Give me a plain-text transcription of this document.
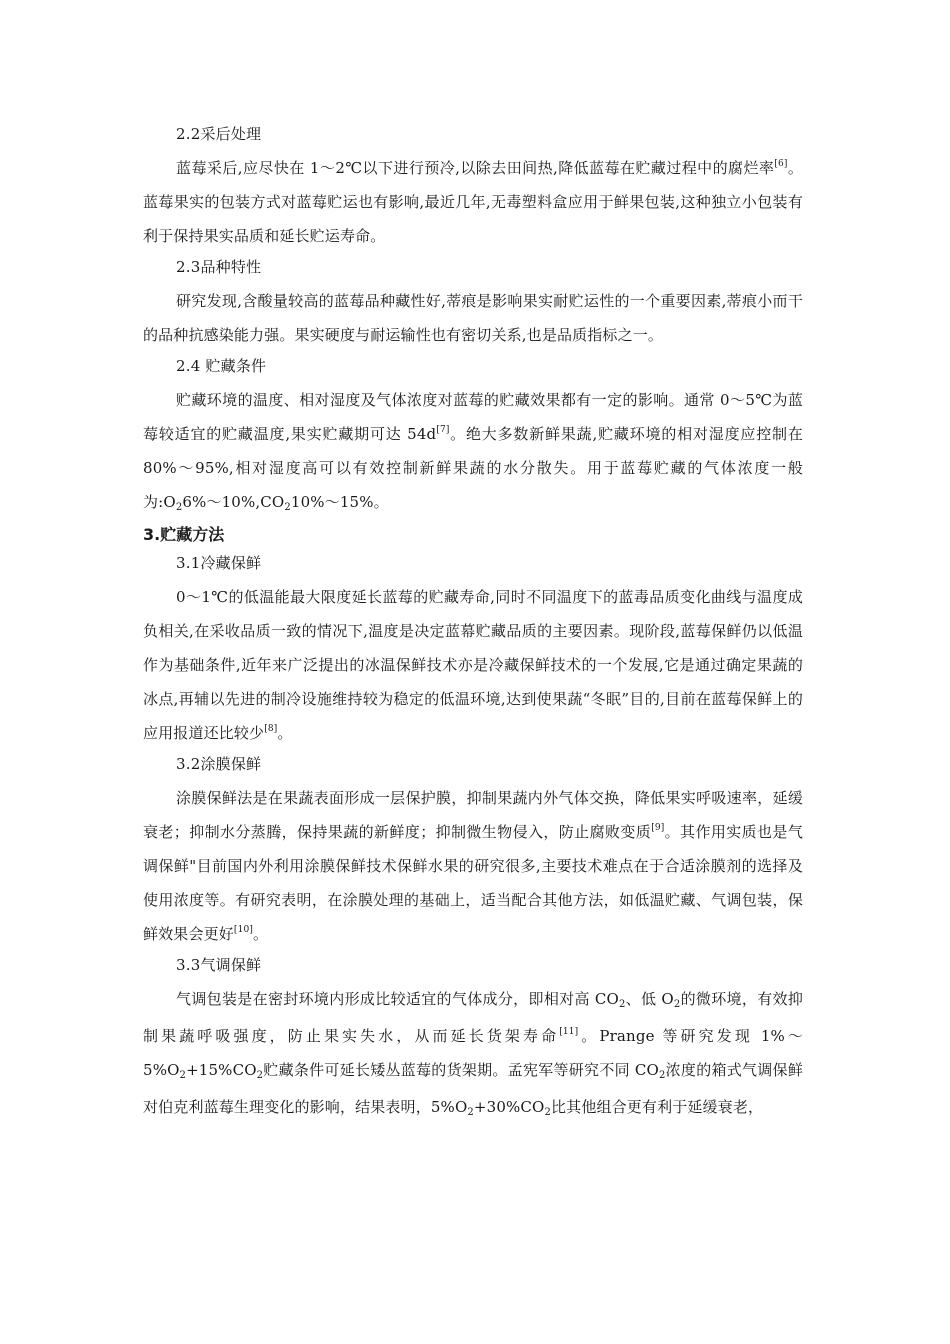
2.2采后处理

蓝莓采后,应尽快在 1～2℃以下进行预冷,以除去田间热,降低蓝莓在贮藏过程中的腐烂率[6]。蓝莓果实的包装方式对蓝莓贮运也有影响,最近几年,无毒塑料盒应用于鲜果包装,这种独立小包装有利于保持果实品质和延长贮运寿命。

2.3品种特性

研究发现,含酸量较高的蓝莓品种藏性好,蒂痕是影响果实耐贮运性的一个重要因素,蒂痕小而干的品种抗感染能力强。果实硬度与耐运输性也有密切关系,也是品质指标之一。

2.4 贮藏条件

贮藏环境的温度、相对湿度及气体浓度对蓝莓的贮藏效果都有一定的影响。通常 0～5℃为蓝莓较适宜的贮藏温度,果实贮藏期可达 54d[7]。绝大多数新鲜果蔬,贮藏环境的相对湿度应控制在 80%～95%,相对湿度高可以有效控制新鲜果蔬的水分散失。用于蓝莓贮藏的气体浓度一般为$:O_26\%\sim 10\%,CO_210\%\sim 15\%$。

3.贮藏方法

3.1冷藏保鲜

0～1℃的低温能最大限度延长蓝莓的贮藏寿命,同时不同温度下的蓝毒品质变化曲线与温度成负相关,在采收品质一致的情况下,温度是决定蓝幕贮藏品质的主要因素。现阶段,蓝莓保鲜仍以低温作为基础条件,近年来广泛提出的冰温保鲜技术亦是冷藏保鲜技术的一个发展,它是通过确定果蔬的冰点,再辅以先进的制冷设施维持较为稳定的低温环境,达到使果蔬“冬眠”目的,目前在蓝莓保鲜上的应用报道还比较少[8]。

3.2涂膜保鲜

涂膜保鲜法是在果蔬表面形成一层保护膜，抑制果蔬内外气体交换，降低果实呼吸速率，延缓衰老；抑制水分蒸腾，保持果蔬的新鲜度；抑制微生物侵入，防止腐败变质[9]。其作用实质也是气调保鲜"目前国内外利用涂膜保鲜技术保鲜水果的研究很多,主要技术难点在于合适涂膜剂的选择及使用浓度等。有研究表明，在涂膜处理的基础上，适当配合其他方法，如低温贮藏、气调包装，保鲜效果会更好[10]。

3.3气调保鲜

气调包装是在密封环境内形成比较适宜的气体成分，即相对高 $CO_2$、低 $O_2$的微环境，有效抑制果蔬呼吸强度，防止果实失水，从而延长货架寿命[11]。Prange 等研究发现 $1\%\sim 5\%O_2+15\%CO_2$贮藏条件可延长矮丛蓝莓的货架期。孟宪军等研究不同 $CO_2$浓度的箱式气调保鲜对伯克利蓝莓生理变化的影响，结果表明，$5\%O_2+30\%CO_2$比其他组合更有利于延缓衰老，
